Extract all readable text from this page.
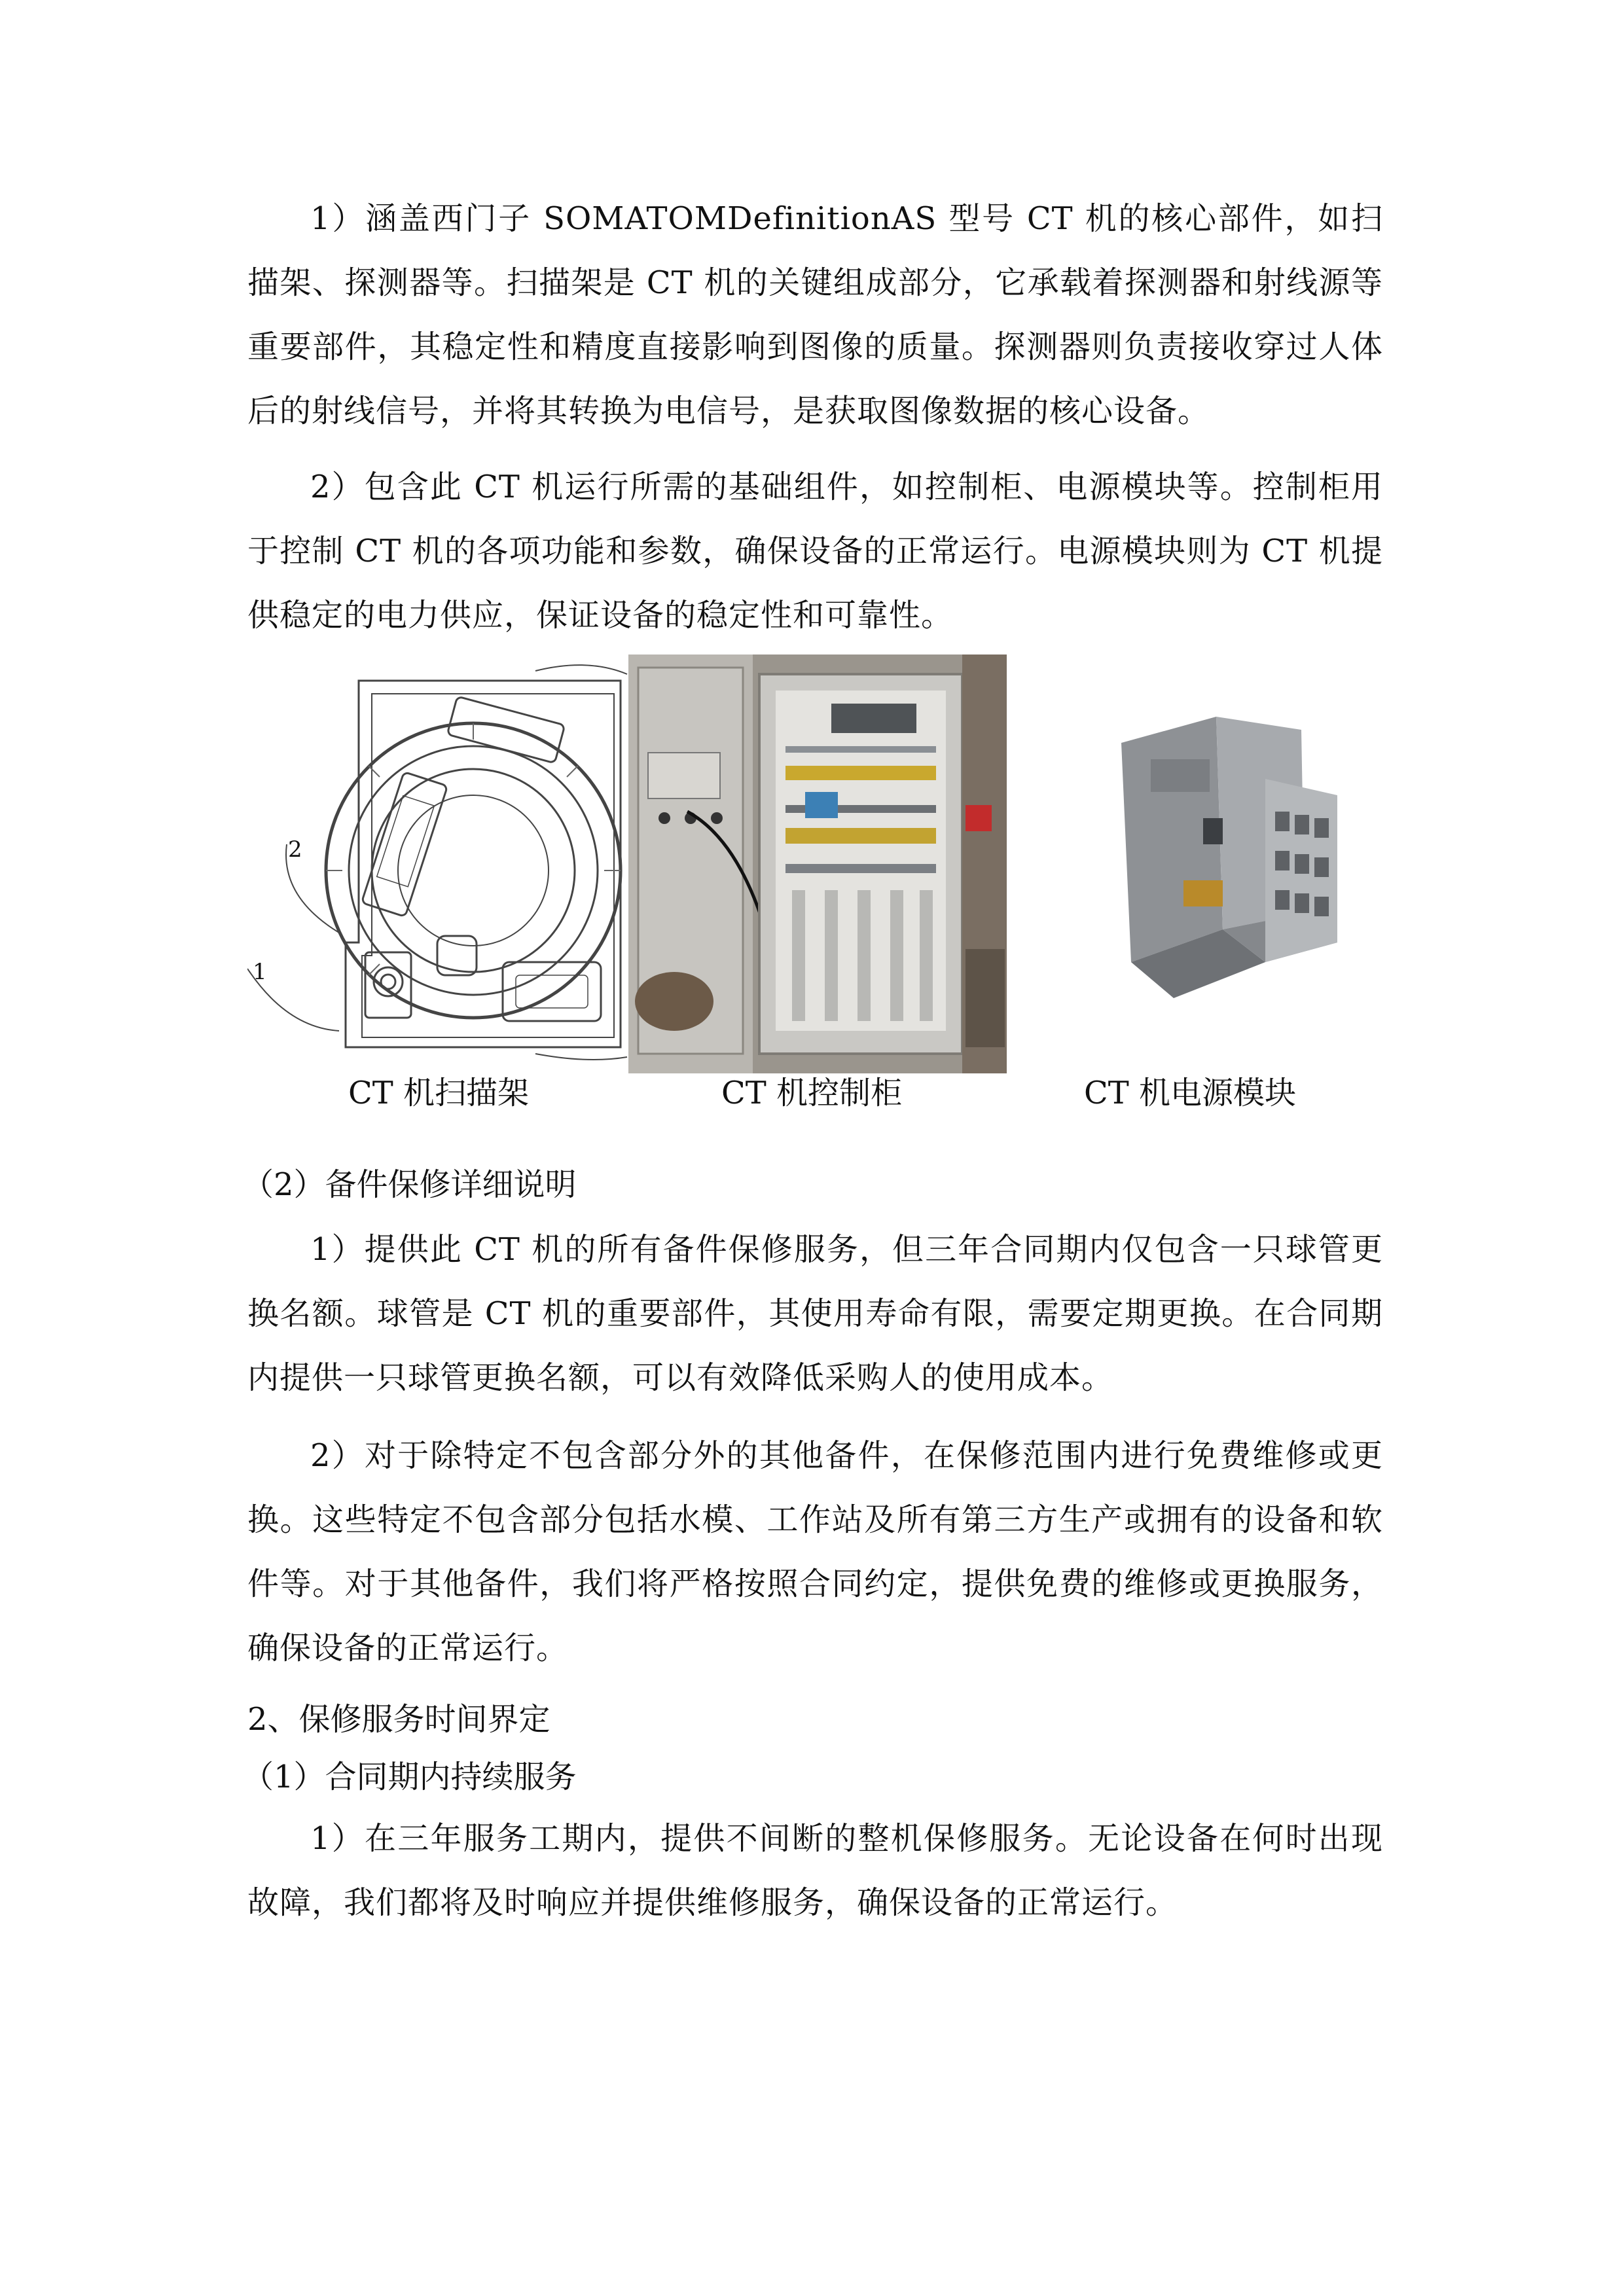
1）涵盖西门子 SOMATOMDefinitionAS 型号 CT 机的核心部件，如扫描架、探测器等。扫描架是 CT 机的关键组成部分，它承载着探测器和射线源等重要部件，其稳定性和精度直接影响到图像的质量。探测器则负责接收穿过人体后的射线信号，并将其转换为电信号，是获取图像数据的核心设备。

2）包含此 CT 机运行所需的基础组件，如控制柜、电源模块等。控制柜用于控制 CT 机的各项功能和参数，确保设备的正常运行。电源模块则为 CT 机提供稳定的电力供应，保证设备的稳定性和可靠性。

1
2
CT 机扫描架	CT 机控制柜	CT 机电源模块

（2）备件保修详细说明

1）提供此 CT 机的所有备件保修服务，但三年合同期内仅包含一只球管更换名额。球管是 CT 机的重要部件，其使用寿命有限，需要定期更换。在合同期内提供一只球管更换名额，可以有效降低采购人的使用成本。

2）对于除特定不包含部分外的其他备件，在保修范围内进行免费维修或更换。这些特定不包含部分包括水模、工作站及所有第三方生产或拥有的设备和软件等。对于其他备件，我们将严格按照合同约定，提供免费的维修或更换服务，确保设备的正常运行。

2、保修服务时间界定

（1）合同期内持续服务

1）在三年服务工期内，提供不间断的整机保修服务。无论设备在何时出现故障，我们都将及时响应并提供维修服务，确保设备的正常运行。
